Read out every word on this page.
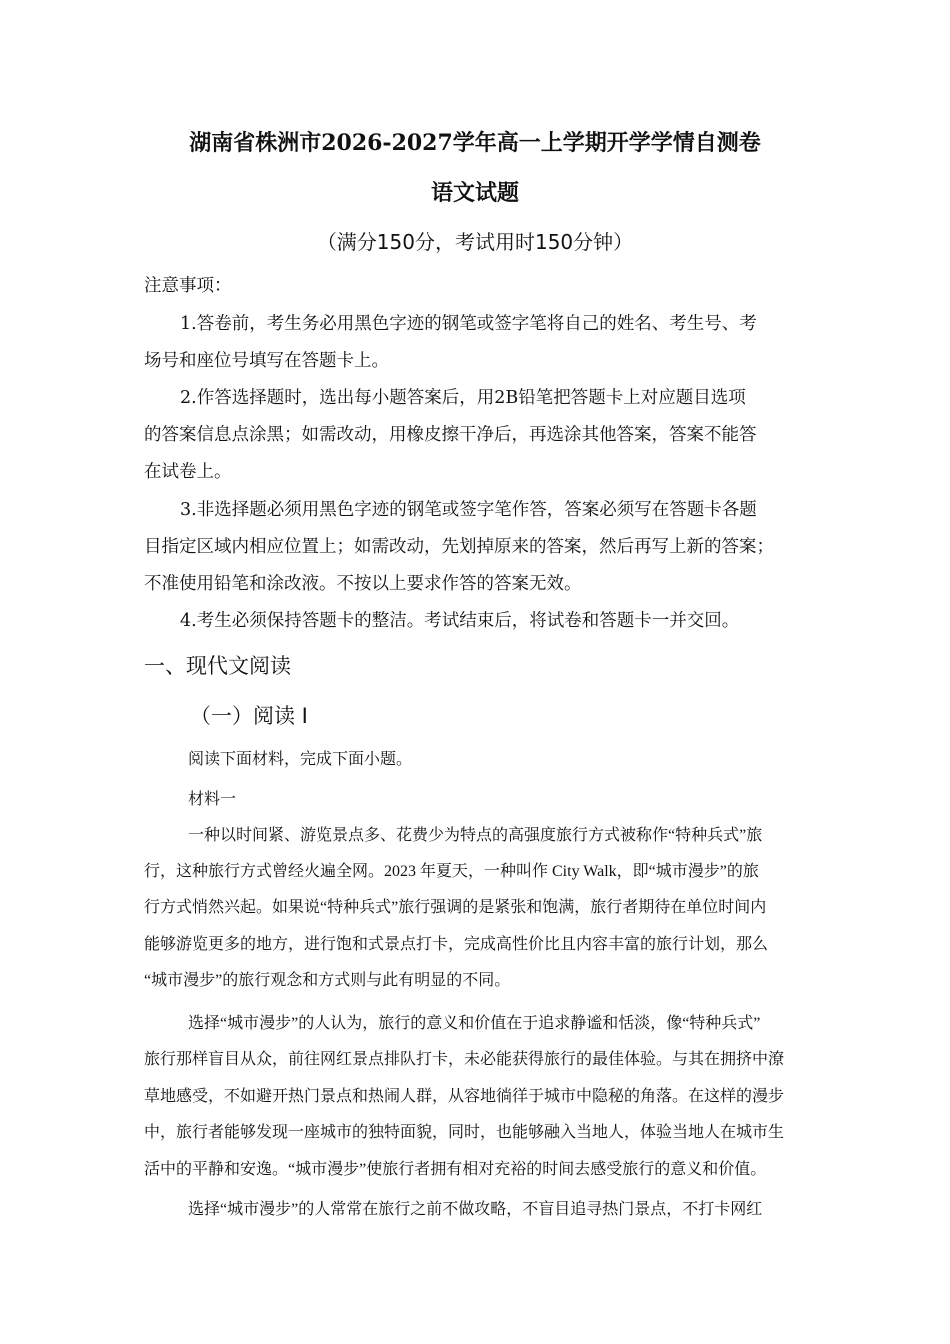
湖南省株洲市2026-2027学年高一上学期开学学情自测卷
语文试题
（满分150分，考试用时150分钟）
注意事项：
1.答卷前，考生务必用黑色字迹的钢笔或签字笔将自己的姓名、考生号、考
场号和座位号填写在答题卡上。
2.作答选择题时，选出每小题答案后，用2B铅笔把答题卡上对应题目选项
的答案信息点涂黑；如需改动，用橡皮擦干净后，再选涂其他答案，答案不能答
在试卷上。
3.非选择题必须用黑色字迹的钢笔或签字笔作答，答案必须写在答题卡各题
目指定区域内相应位置上；如需改动，先划掉原来的答案，然后再写上新的答案；
不准使用铅笔和涂改液。不按以上要求作答的答案无效。
4.考生必须保持答题卡的整洁。考试结束后，将试卷和答题卡一并交回。
一、现代文阅读
（一）阅读 I
阅读下面材料，完成下面小题。
材料一
一种以时间紧、游览景点多、花费少为特点的高强度旅行方式被称作“特种兵式”旅
行，这种旅行方式曾经火遍全网。2023 年夏天，一种叫作 City Walk，即“城市漫步”的旅
行方式悄然兴起。如果说“特种兵式”旅行强调的是紧张和饱满，旅行者期待在单位时间内
能够游览更多的地方，进行饱和式景点打卡，完成高性价比且内容丰富的旅行计划，那么
“城市漫步”的旅行观念和方式则与此有明显的不同。
选择“城市漫步”的人认为，旅行的意义和价值在于追求静谧和恬淡，像“特种兵式”
旅行那样盲目从众，前往网红景点排队打卡，未必能获得旅行的最佳体验。与其在拥挤中潦
草地感受，不如避开热门景点和热闹人群，从容地徜徉于城市中隐秘的角落。在这样的漫步
中，旅行者能够发现一座城市的独特面貌，同时，也能够融入当地人，体验当地人在城市生
活中的平静和安逸。“城市漫步”使旅行者拥有相对充裕的时间去感受旅行的意义和价值。
选择“城市漫步”的人常常在旅行之前不做攻略，不盲目追寻热门景点，不打卡网红
